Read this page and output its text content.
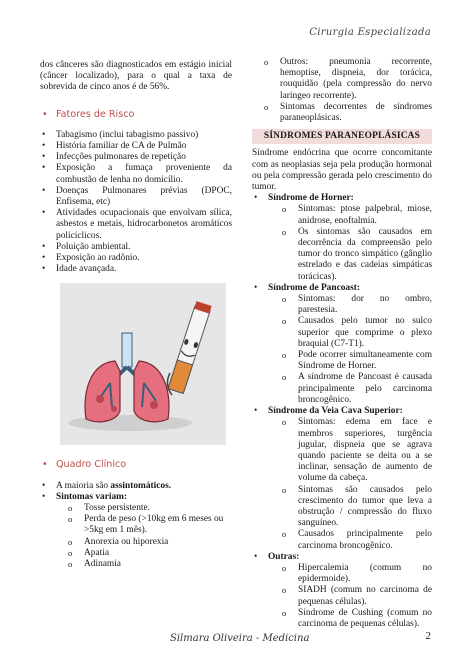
Cirurgia Especializada

dos cânceres são diagnosticados em estágio inicial (câncer localizado), para o qual a taxa de sobrevida de cinco anos é de 56%.

• Fatores de Risco
• Tabagismo (inclui tabagismo passivo)
• História familiar de CA de Pulmão
• Infecções pulmonares de repetição
• Exposição a fumaça proveniente da combustão de lenha no domicílio.
• Doenças Pulmonares prévias (DPOC, Enfisema, etc)
• Atividades ocupacionais que envolvam sílica, asbestos e metais, hidrocarbonetos aromáticos policíclicos.
• Poluição ambiental.
• Exposição ao radônio.
• Idade avançada.
• Quadro Clínico
• A maioria são assintomáticos.
• Sintomas variam:
o Tosse persistente.
o Perda de peso (>10kg em 6 meses ou >5kg em 1 mês).
o Anorexia ou hiporexia
o Apatia
o Adinamia
o Outros: pneumonia recorrente, hemoptise, dispneia, dor torácica, rouquidão (pela compressão do nervo laríngeo recorrente).
o Sintomas decorrentes de síndromes paraneoplásicas.
SÍNDROMES PARANEOPLÁSICAS

Síndrome endócrina que ocorre concomitante com as neoplasias seja pela produção hormonal ou pela compressão gerada pelo crescimento do tumor.

• Síndrome de Horner:
o Sintomas: ptose palpebral, miose, anidrose, enoftalmia.
o Os sintomas são causados em decorrência da compreensão pelo tumor do tronco simpático (gânglio estrelado e das cadeias simpáticas torácicas).
• Síndrome de Pancoast:
o Sintomas: dor no ombro, parestesia.
o Causados pelo tumor no sulco superior que comprime o plexo braquial (C7-T1).
o Pode ocorrer simultaneamente com Síndrome de Horner.
o A síndrome de Pancoast é causada principalmente pelo carcinoma broncogênico.
• Síndrome da Veia Cava Superior:
o Sintomas: edema em face e membros superiores, turgência jugular, dispneia que se agrava quando paciente se deita ou a se inclinar, sensação de aumento de volume da cabeça.
o Sintomas são causados pelo crescimento do tumor que leva a obstrução / compressão do fluxo sanguíneo.
o Causados principalmente pelo carcinoma broncogênico.
• Outras:
o Hipercalemia (comum no epidermoide).
o SIADH (comum no carcinoma de pequenas células).
o Síndrome de Cushing (comum no carcinoma de pequenas células).
Silmara Oliveira - Medicina	2
